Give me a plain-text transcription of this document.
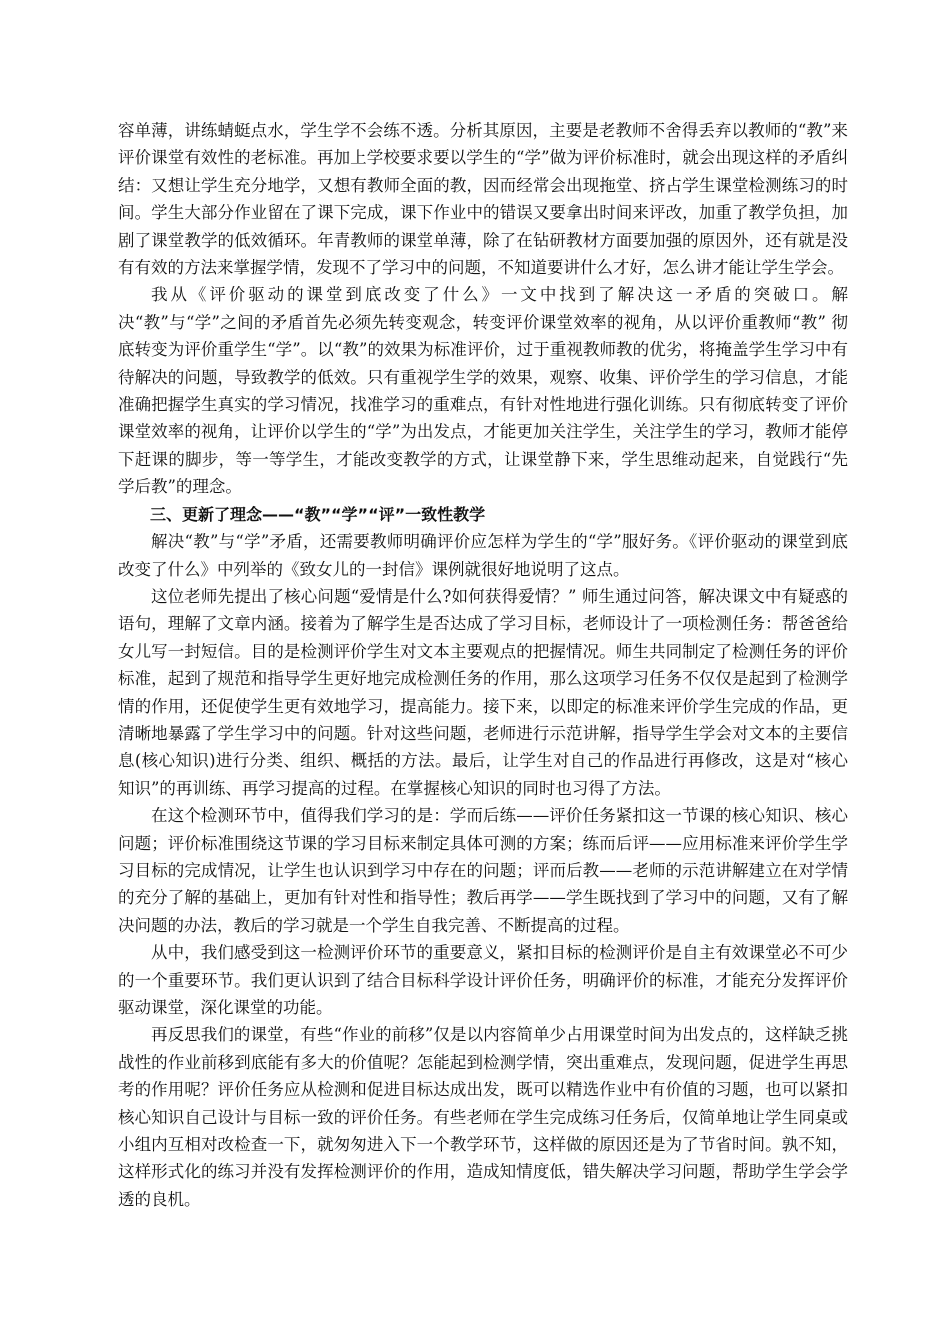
容单薄，讲练蜻蜓点水，学生学不会练不透。分析其原因，主要是老教师不舍得丢弃以教师的“教”来评价课堂有效性的老标准。再加上学校要求要以学生的“学”做为评价标准时，就会出现这样的矛盾纠结：又想让学生充分地学，又想有教师全面的教，因而经常会出现拖堂、挤占学生课堂检测练习的时间。学生大部分作业留在了课下完成，课下作业中的错误又要拿出时间来评改，加重了教学负担，加剧了课堂教学的低效循环。年青教师的课堂单薄，除了在钻研教材方面要加强的原因外，还有就是没有有效的方法来掌握学情，发现不了学习中的问题，不知道要讲什么才好，怎么讲才能让学生学会。

我从《评价驱动的课堂到底改变了什么》一文中找到了解决这一矛盾的突破口。解决“教”与“学”之间的矛盾首先必须先转变观念，转变评价课堂效率的视角，从以评价重教师“教” 彻底转变为评价重学生“学”。以“教”的效果为标准评价，过于重视教师教的优劣，将掩盖学生学习中有待解决的问题，导致教学的低效。只有重视学生学的效果，观察、收集、评价学生的学习信息，才能准确把握学生真实的学习情况，找准学习的重难点，有针对性地进行强化训练。只有彻底转变了评价课堂效率的视角，让评价以学生的“学”为出发点，才能更加关注学生，关注学生的学习，教师才能停下赶课的脚步，等一等学生，才能改变教学的方式，让课堂静下来，学生思维动起来，自觉践行“先学后教”的理念。

三、更新了理念——“教”“学”“评”一致性教学

解决“教”与“学”矛盾，还需要教师明确评价应怎样为学生的“学”服好务。《评价驱动的课堂到底改变了什么》中列举的《致女儿的一封信》课例就很好地说明了这点。

这位老师先提出了核心问题“爱情是什么?如何获得爱情？” 师生通过问答，解决课文中有疑惑的语句，理解了文章内涵。接着为了解学生是否达成了学习目标，老师设计了一项检测任务：帮爸爸给女儿写一封短信。目的是检测评价学生对文本主要观点的把握情况。师生共同制定了检测任务的评价标准，起到了规范和指导学生更好地完成检测任务的作用，那么这项学习任务不仅仅是起到了检测学情的作用，还促使学生更有效地学习，提高能力。接下来，以即定的标准来评价学生完成的作品，更清晰地暴露了学生学习中的问题。针对这些问题，老师进行示范讲解，指导学生学会对文本的主要信息(核心知识)进行分类、组织、概括的方法。最后，让学生对自己的作品进行再修改，这是对“核心知识”的再训练、再学习提高的过程。在掌握核心知识的同时也习得了方法。

在这个检测环节中，值得我们学习的是：学而后练——评价任务紧扣这一节课的核心知识、核心问题；评价标准围绕这节课的学习目标来制定具体可测的方案；练而后评——应用标准来评价学生学习目标的完成情况，让学生也认识到学习中存在的问题；评而后教——老师的示范讲解建立在对学情的充分了解的基础上，更加有针对性和指导性；教后再学——学生既找到了学习中的问题，又有了解决问题的办法，教后的学习就是一个学生自我完善、不断提高的过程。

从中，我们感受到这一检测评价环节的重要意义，紧扣目标的检测评价是自主有效课堂必不可少的一个重要环节。我们更认识到了结合目标科学设计评价任务，明确评价的标准，才能充分发挥评价驱动课堂，深化课堂的功能。

再反思我们的课堂，有些“作业的前移”仅是以内容简单少占用课堂时间为出发点的，这样缺乏挑战性的作业前移到底能有多大的价值呢？怎能起到检测学情，突出重难点，发现问题，促进学生再思考的作用呢？评价任务应从检测和促进目标达成出发，既可以精选作业中有价值的习题，也可以紧扣核心知识自己设计与目标一致的评价任务。有些老师在学生完成练习任务后，仅简单地让学生同桌或小组内互相对改检查一下，就匆匆进入下一个教学环节，这样做的原因还是为了节省时间。孰不知，这样形式化的练习并没有发挥检测评价的作用，造成知情度低，错失解决学习问题，帮助学生学会学透的良机。
